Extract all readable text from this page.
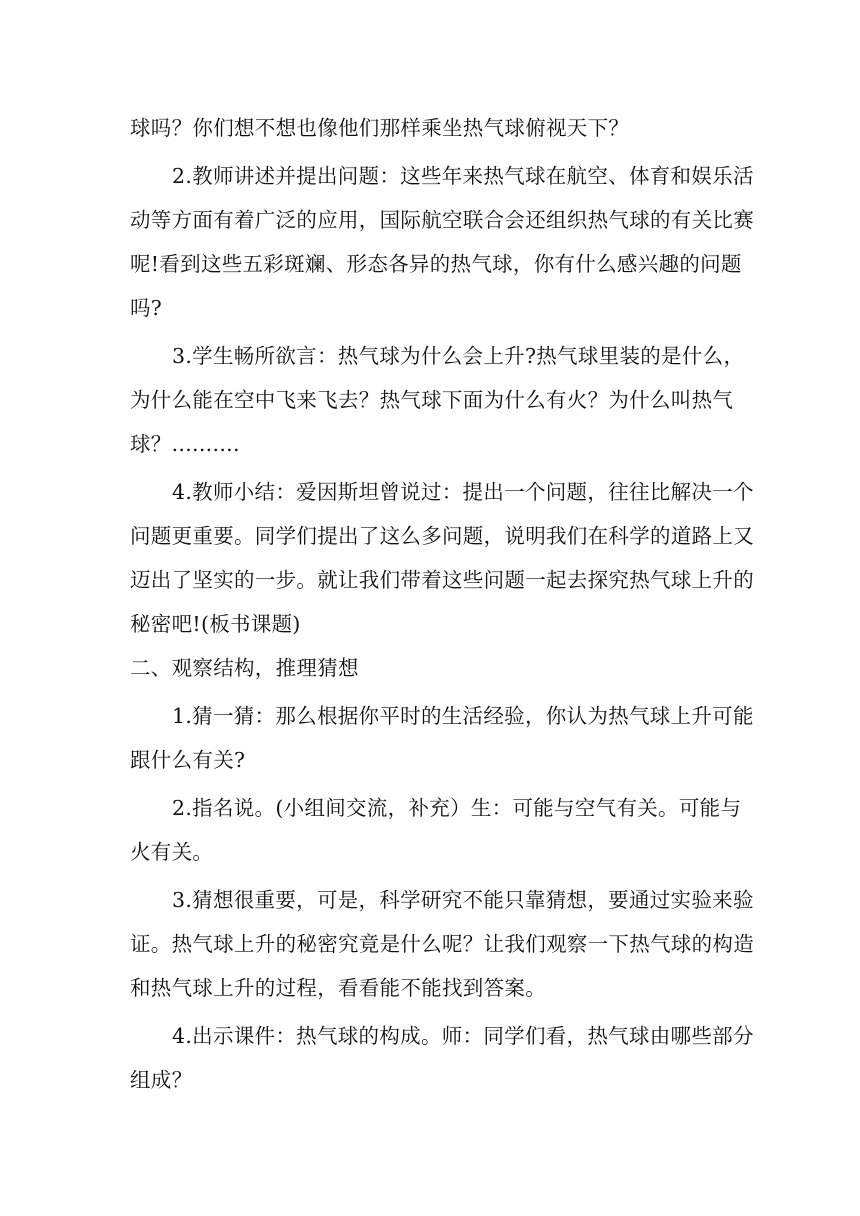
球吗？你们想不想也像他们那样乘坐热气球俯视天下？
2.教师讲述并提出问题：这些年来热气球在航空、体育和娱乐活
动等方面有着广泛的应用，国际航空联合会还组织热气球的有关比赛
呢!看到这些五彩斑斓、形态各异的热气球，你有什么感兴趣的问题
吗?
3.学生畅所欲言：热气球为什么会上升?热气球里装的是什么，
为什么能在空中飞来飞去？热气球下面为什么有火？为什么叫热气
球？..........
4.教师小结：爱因斯坦曾说过：提出一个问题，往往比解决一个
问题更重要。同学们提出了这么多问题，说明我们在科学的道路上又
迈出了坚实的一步。就让我们带着这些问题一起去探究热气球上升的
秘密吧!(板书课题)
二、观察结构，推理猜想
1.猜一猜：那么根据你平时的生活经验，你认为热气球上升可能
跟什么有关?
2.指名说。(小组间交流，补充）生：可能与空气有关。可能与
火有关。
3.猜想很重要，可是，科学研究不能只靠猜想，要通过实验来验
证。热气球上升的秘密究竟是什么呢？让我们观察一下热气球的构造
和热气球上升的过程，看看能不能找到答案。
4.出示课件：热气球的构成。师：同学们看，热气球由哪些部分
组成？
